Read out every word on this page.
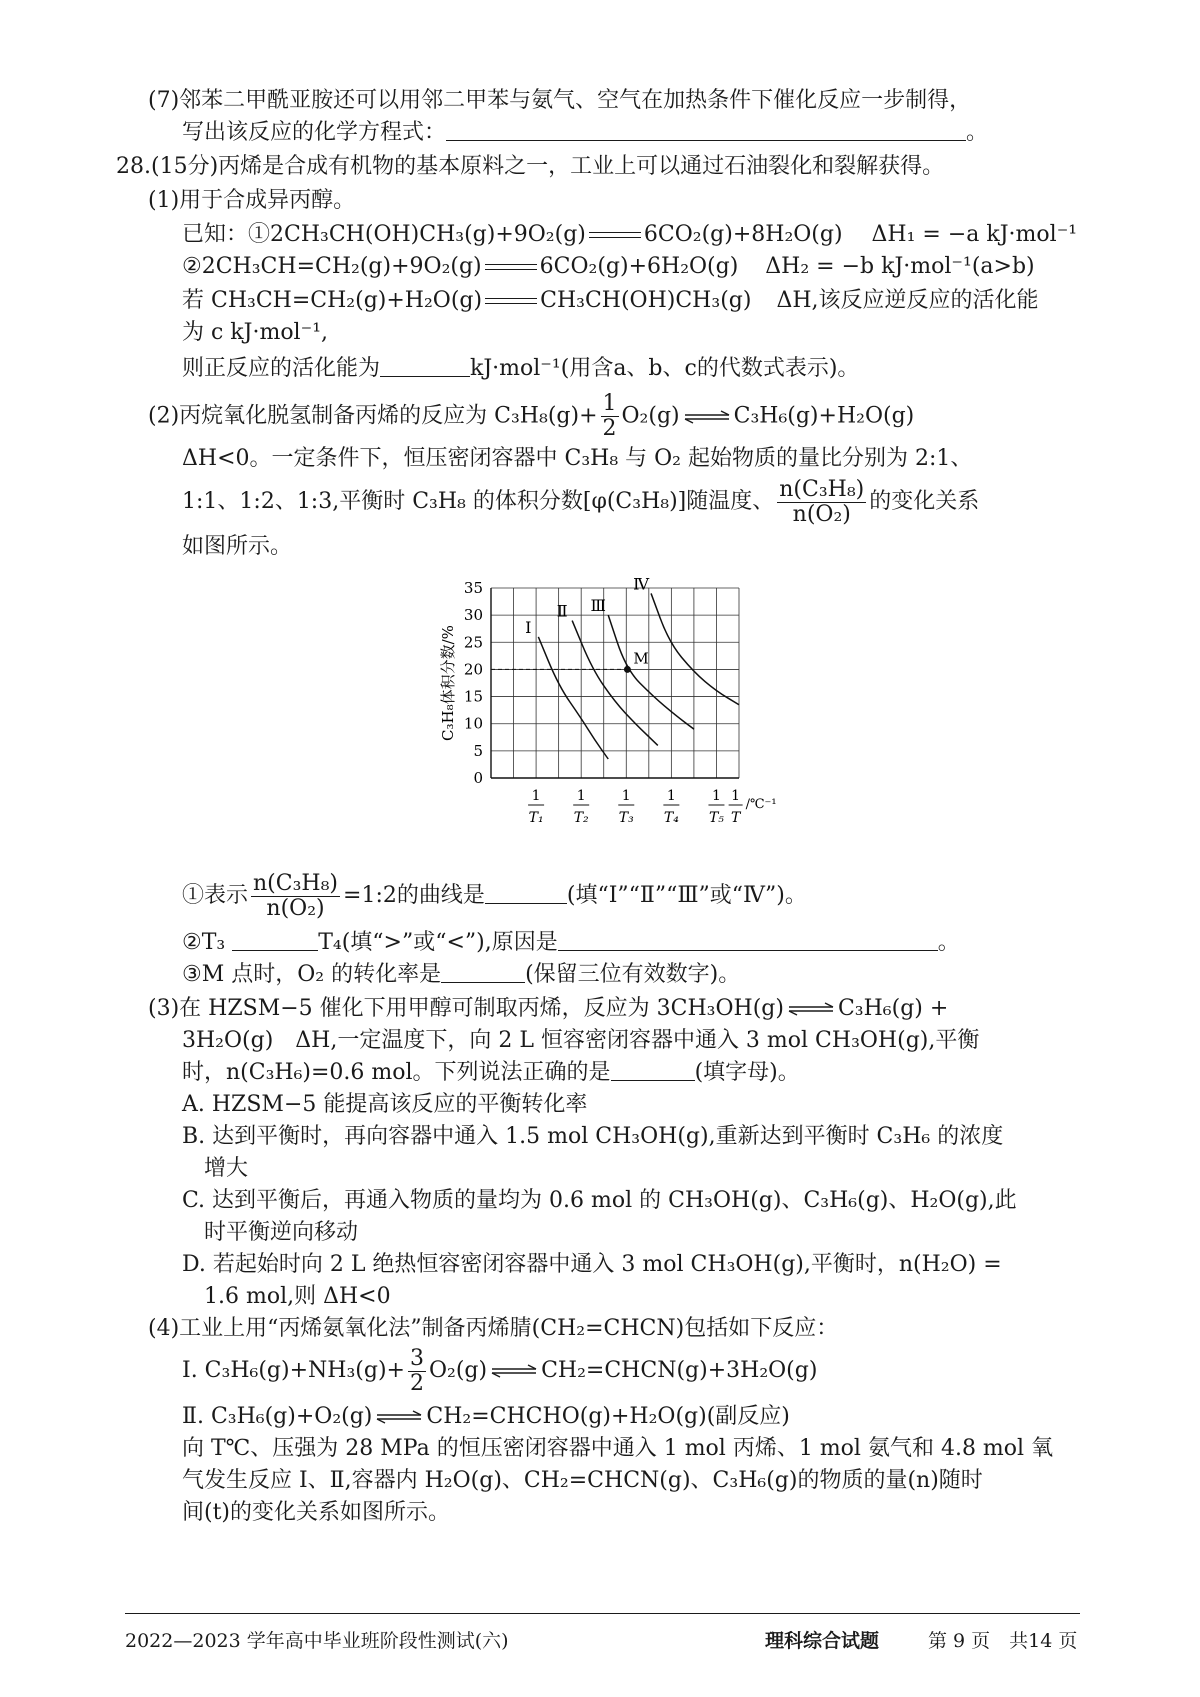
(7)邻苯二甲酰亚胺还可以用邻二甲苯与氨气、空气在加热条件下催化反应一步制得，
写出该反应的化学方程式：	。
28.(15分)丙烯是合成有机物的基本原料之一，工业上可以通过石油裂化和裂解获得。
(1)用于合成异丙醇。
已知：①2CH₃CH(OH)CH₃(g)+9O₂(g)	6CO₂(g)+8H₂O(g) ΔH₁ = −a kJ·mol⁻¹
②2CH₃CH=CH₂(g)+9O₂(g)	6CO₂(g)+6H₂O(g) ΔH₂ = −b kJ·mol⁻¹(a>b)
若 CH₃CH=CH₂(g)+H₂O(g)	CH₃CH(OH)CH₃(g) ΔH,该反应逆反应的活化能
为 c kJ·mol⁻¹,
则正反应的活化能为	kJ·mol⁻¹(用含a、b、c的代数式表示)。
(2)丙烷氧化脱氢制备丙烯的反应为 $C_3H_8(g)+ \frac{1}{2} O_2(g)$ ⇌ C₃H₆(g)+H₂O(g)
ΔH<0。一定条件下，恒压密闭容器中 C₃H₈ 与 O₂ 起始物质的量比分别为 2:1、
1:1、1:2、1:3,平衡时 C₃H₈ 的体积分数[φ(C₃H₈)]随温度、 $\frac{\text{n(C₃H₈)}}{\text{n(O₂)}}$ 的变化关系
如图所示。
0
5
10
15
20
25
30
35
C₃H₈体积分数/%
1
T₁
1
T₂
1
T₃
1
T₄
1
T₅
1
T
/℃⁻¹
Ⅰ
Ⅱ Ⅲ
Ⅳ
M
①表示 $\frac{\text{n(C₃H₈)}}{\text{n(O₂)}}$ =1:2的曲线是	(填“Ⅰ”“Ⅱ”“Ⅲ”或“Ⅳ”)。
②T₃	T₄(填“>”或“<”),原因是	。
③M 点时，O₂ 的转化率是	(保留三位有效数字)。
(3)在 HZSM−5 催化下用甲醇可制取丙烯，反应为 3CH₃OH(g) ⇌ C₃H₆(g) +
3H₂O(g)　ΔH,一定温度下，向 2 L 恒容密闭容器中通入 3 mol CH₃OH(g),平衡
时，n(C₃H₆)=0.6 mol。下列说法正确的是	(填字母)。
A. HZSM−5 能提高该反应的平衡转化率
B. 达到平衡时，再向容器中通入 1.5 mol CH₃OH(g),重新达到平衡时 C₃H₆ 的浓度
增大
C. 达到平衡后，再通入物质的量均为 0.6 mol 的 CH₃OH(g)、C₃H₆(g)、H₂O(g),此
时平衡逆向移动
D. 若起始时向 2 L 绝热恒容密闭容器中通入 3 mol CH₃OH(g),平衡时，n(H₂O) =
1.6 mol,则 ΔH<0
(4)工业上用“丙烯氨氧化法”制备丙烯腈(CH₂=CHCN)包括如下反应：
Ⅰ. $C_3H_6(g)+NH_3(g)+ \frac{3}{2} O_2(g)$ ⇌ CH₂=CHCN(g)+3H₂O(g)
Ⅱ. C₃H₆(g)+O₂(g) ⇌ CH₂=CHCHO(g)+H₂O(g)(副反应)
向 T℃、压强为 28 MPa 的恒压密闭容器中通入 1 mol 丙烯、1 mol 氨气和 4.8 mol 氧
气发生反应 Ⅰ、Ⅱ,容器内 H₂O(g)、CH₂=CHCN(g)、C₃H₆(g)的物质的量(n)随时
间(t)的变化关系如图所示。
2022—2023 学年高中毕业班阶段性测试(六)	理科综合试题	第 9 页　共14 页
